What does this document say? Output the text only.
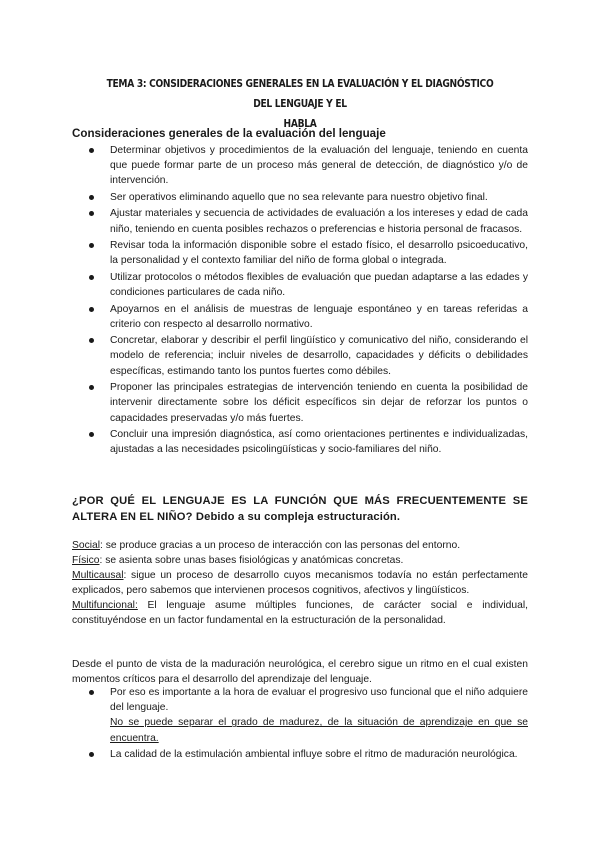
TEMA 3: CONSIDERACIONES GENERALES EN LA EVALUACIÓN Y EL DIAGNÓSTICO DEL LENGUAJE Y EL
HABLA
Consideraciones generales de la evaluación del lenguaje
Determinar objetivos y procedimientos de la evaluación del lenguaje, teniendo en cuenta que puede formar parte de un proceso más general de detección, de diagnóstico y/o de intervención.
Ser operativos eliminando aquello que no sea relevante para nuestro objetivo final.
Ajustar materiales y secuencia de actividades de evaluación a los intereses y edad de cada niño, teniendo en cuenta posibles rechazos o preferencias e historia personal de fracasos.
Revisar toda la información disponible sobre el estado físico, el desarrollo psicoeducativo, la personalidad y el contexto familiar del niño de forma global o integrada.
Utilizar protocolos o métodos flexibles de evaluación que puedan adaptarse a las edades y condiciones particulares de cada niño.
Apoyarnos en el análisis de muestras de lenguaje espontáneo y en tareas referidas a criterio con respecto al desarrollo normativo.
Concretar, elaborar y describir el perfil lingüístico y comunicativo del niño, considerando el modelo de referencia; incluir niveles de desarrollo, capacidades y déficits o debilidades específicas, estimando tanto los puntos fuertes como débiles.
Proponer las principales estrategias de intervención teniendo en cuenta la posibilidad de intervenir directamente sobre los déficit específicos sin dejar de reforzar los puntos o capacidades preservadas y/o más fuertes.
Concluir una impresión diagnóstica, así como orientaciones pertinentes e individualizadas, ajustadas a las necesidades psicolingüísticas y socio-familiares del niño.
¿POR QUÉ EL LENGUAJE ES LA FUNCIÓN QUE MÁS FRECUENTEMENTE SE ALTERA EN EL NIÑO? Debido a su compleja estructuración.

Social: se produce gracias a un proceso de interacción con las personas del entorno.

Físico: se asienta sobre unas bases fisiológicas y anatómicas concretas.

Multicausal: sigue un proceso de desarrollo cuyos mecanismos todavía no están perfectamente explicados, pero sabemos que intervienen procesos cognitivos, afectivos y lingüísticos.

Multifuncional: El lenguaje asume múltiples funciones, de carácter social e individual, constituyéndose en un factor fundamental en la estructuración de la personalidad.

Desde el punto de vista de la maduración neurológica, el cerebro sigue un ritmo en el cual existen momentos críticos para el desarrollo del aprendizaje del lenguaje.

Por eso es importante a la hora de evaluar el progresivo uso funcional que el niño adquiere del lenguaje.
No se puede separar el grado de madurez, de la situación de aprendizaje en que se encuentra.
La calidad de la estimulación ambiental influye sobre el ritmo de maduración neurológica.
